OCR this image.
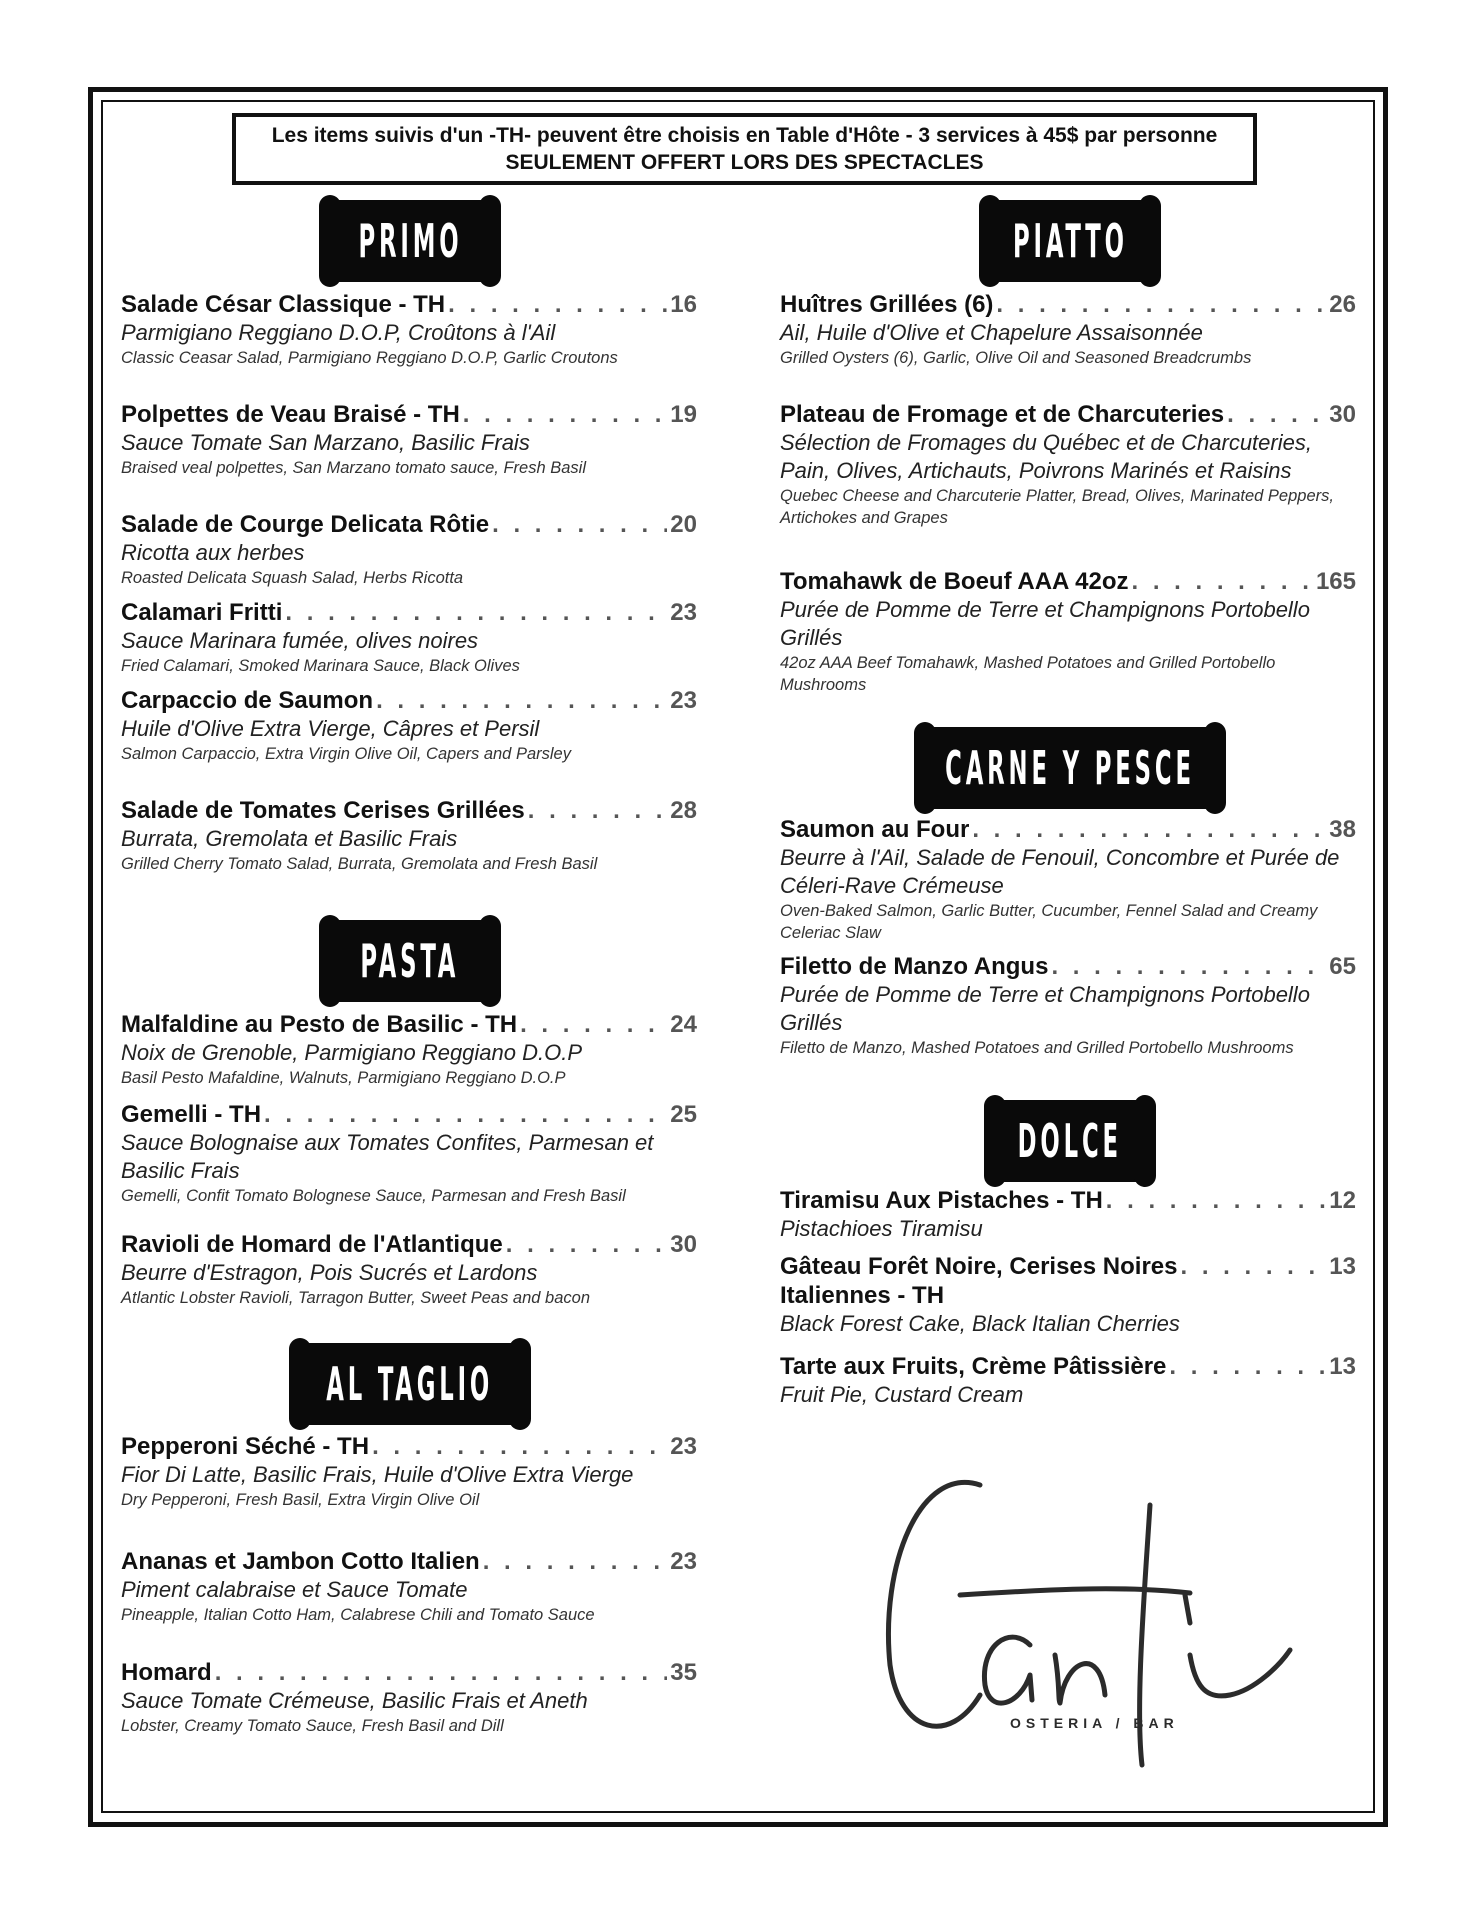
Les items suivis d'un -TH- peuvent être choisis en Table d'Hôte - 3 services à 45$ par personne
SEULEMENT OFFERT LORS DES SPECTACLES
PRIMO
Salade César Classique - TH . . .	16
Parmigiano Reggiano D.O.P, Croûtons à l'Ail
Classic Ceasar Salad, Parmigiano Reggiano D.O.P, Garlic Croutons
Polpettes de Veau Braisé - TH . . .	19
Sauce Tomate San Marzano, Basilic Frais
Braised veal polpettes, San Marzano tomato sauce, Fresh Basil
Salade de Courge Delicata Rôtie . . .	20
Ricotta aux herbes
Roasted Delicata Squash Salad, Herbs Ricotta
Calamari Fritti . . .	23
Sauce Marinara fumée, olives noires
Fried Calamari, Smoked Marinara Sauce, Black Olives
Carpaccio de Saumon . . .	23
Huile d'Olive Extra Vierge, Câpres et Persil
Salmon Carpaccio, Extra Virgin Olive Oil, Capers and Parsley
Salade de Tomates Cerises Grillées . . .	28
Burrata, Gremolata et Basilic Frais
Grilled Cherry Tomato Salad, Burrata, Gremolata and Fresh Basil
PASTA
Malfaldine au Pesto de Basilic - TH . . .	24
Noix de Grenoble, Parmigiano Reggiano D.O.P
Basil Pesto Mafaldine, Walnuts, Parmigiano Reggiano D.O.P
Gemelli - TH . . .	25
Sauce Bolognaise aux Tomates Confites, Parmesan et Basilic Frais
Gemelli, Confit Tomato Bolognese Sauce, Parmesan and Fresh Basil
Ravioli de Homard de l'Atlantique . . .	30
Beurre d'Estragon, Pois Sucrés et Lardons
Atlantic Lobster Ravioli, Tarragon Butter, Sweet Peas and bacon
AL TAGLIO
Pepperoni Séché - TH . . .	23
Fior Di Latte, Basilic Frais, Huile d'Olive Extra Vierge
Dry Pepperoni, Fresh Basil, Extra Virgin Olive Oil
Ananas et Jambon Cotto Italien . . .	23
Piment calabraise et Sauce Tomate
Pineapple, Italian Cotto Ham, Calabrese Chili and Tomato Sauce
Homard . . .	35
Sauce Tomate Crémeuse, Basilic Frais et Aneth
Lobster, Creamy Tomato Sauce, Fresh Basil and Dill
PIATTO
Huîtres Grillées (6) . . .	26
Ail, Huile d'Olive et Chapelure Assaisonnée
Grilled Oysters (6), Garlic, Olive Oil and Seasoned Breadcrumbs
Plateau de Fromage et de Charcuteries . . .	30
Sélection de Fromages du Québec et de Charcuteries, Pain, Olives, Artichauts, Poivrons Marinés et Raisins
Quebec Cheese and Charcuterie Platter, Bread, Olives, Marinated Peppers, Artichokes and Grapes
Tomahawk de Boeuf AAA 42oz . . .	165
Purée de Pomme de Terre et Champignons Portobello Grillés
42oz AAA Beef Tomahawk, Mashed Potatoes and Grilled Portobello Mushrooms
CARNE Y PESCE
Saumon au Four . . .	38
Beurre à l'Ail, Salade de Fenouil, Concombre et Purée de Céleri-Rave Crémeuse
Oven-Baked Salmon, Garlic Butter, Cucumber, Fennel Salad and Creamy Celeriac Slaw
Filetto de Manzo Angus . . .	65
Purée de Pomme de Terre et Champignons Portobello Grillés
Filetto de Manzo, Mashed Potatoes and Grilled Portobello Mushrooms
DOLCE
Tiramisu Aux Pistaches - TH . . .	12
Pistachioes Tiramisu
Gâteau Forêt Noire, Cerises Noires . . .	13
Italiennes - TH
Black Forest Cake, Black Italian Cherries
Tarte aux Fruits, Crème Pâtissière . . .	13
Fruit Pie, Custard Cream
OSTERIA / BAR
